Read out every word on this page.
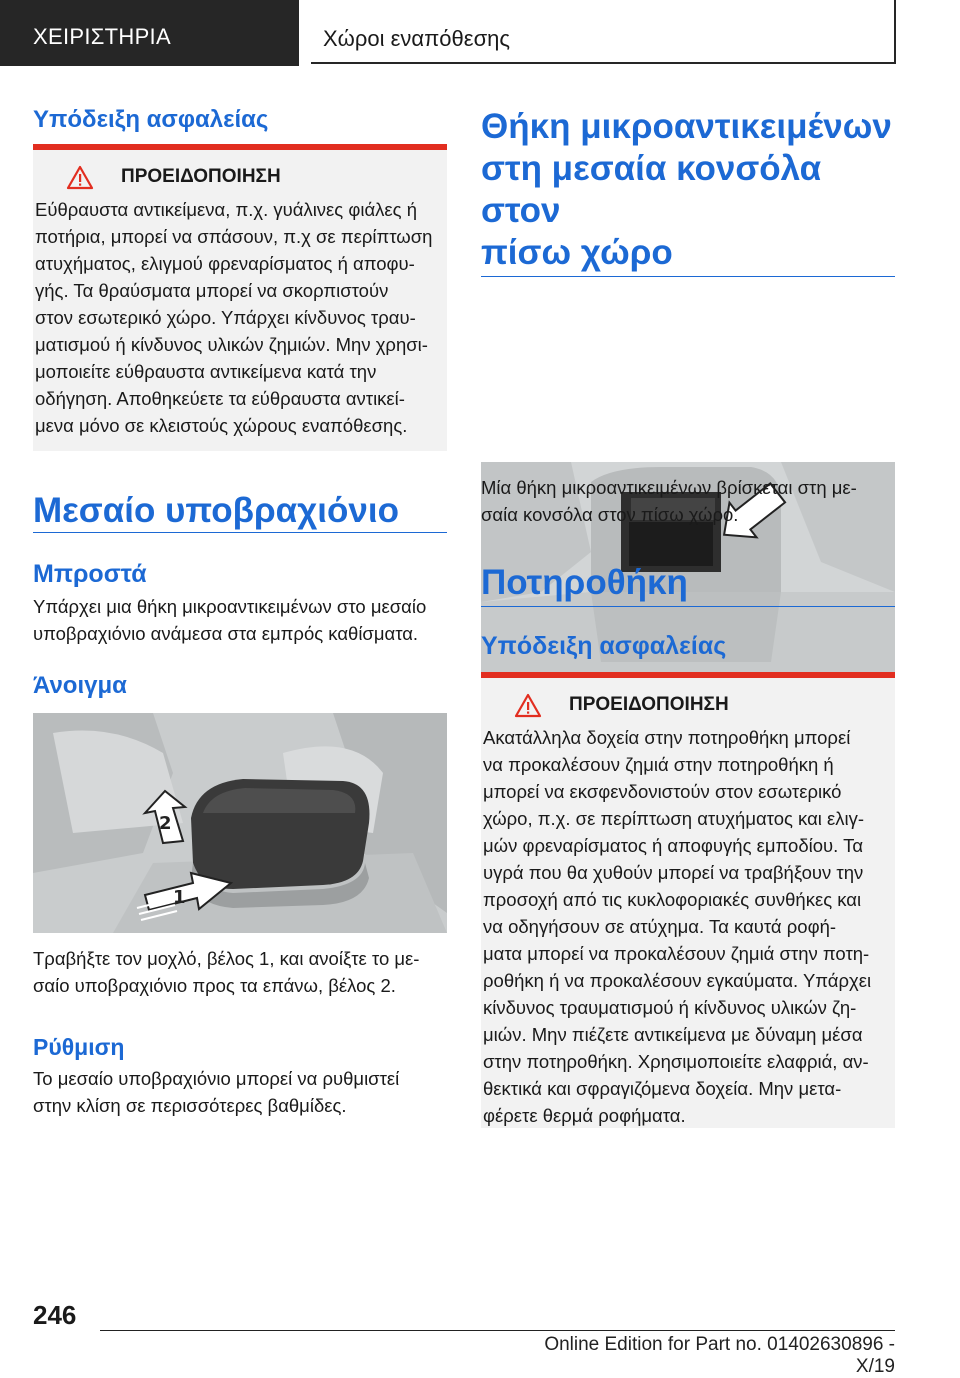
ΧΕΙΡΙΣΤΗΡΙΑ	Χώροι εναπόθεσης
Υπόδειξη ασφαλείας
ΠΡΟΕΙΔΟΠΟΙΗΣΗ
Εύθραυστα αντικείμενα, π.χ. γυάλινες φιάλες ή
ποτήρια, μπορεί να σπάσουν, π.χ σε περίπτωση
ατυχήματος, ελιγμού φρεναρίσματος ή αποφυ-
γής. Τα θραύσματα μπορεί να σκορπιστούν
στον εσωτερικό χώρο. Υπάρχει κίνδυνος τραυ-
ματισμού ή κίνδυνος υλικών ζημιών. Μην χρησι-
μοποιείτε εύθραυστα αντικείμενα κατά την
οδήγηση. Αποθηκεύετε τα εύθραυστα αντικεί-
μενα μόνο σε κλειστούς χώρους εναπόθεσης.
Μεσαίο υποβραχιόνιο
Μπροστά
Υπάρχει μια θήκη μικροαντικειμένων στο μεσαίο
υποβραχιόνιο ανάμεσα στα εμπρός καθίσματα.
Άνοιγμα
2
1
Τραβήξτε τον μοχλό, βέλος 1, και ανοίξτε το με-
σαίο υποβραχιόνιο προς τα επάνω, βέλος 2.
Ρύθμιση
Το μεσαίο υποβραχιόνιο μπορεί να ρυθμιστεί
στην κλίση σε περισσότερες βαθμίδες.
Θήκη μικροαντικειμένων
στη μεσαία κονσόλα στον
πίσω χώρο
Μία θήκη μικροαντικειμένων βρίσκεται στη με-
σαία κονσόλα στον πίσω χώρο.
Ποτηροθήκη
Υπόδειξη ασφαλείας
ΠΡΟΕΙΔΟΠΟΙΗΣΗ
Ακατάλληλα δοχεία στην ποτηροθήκη μπορεί
να προκαλέσουν ζημιά στην ποτηροθήκη ή
μπορεί να εκσφενδονιστούν στον εσωτερικό
χώρο, π.χ. σε περίπτωση ατυχήματος και ελιγ-
μών φρεναρίσματος ή αποφυγής εμποδίου. Τα
υγρά που θα χυθούν μπορεί να τραβήξουν την
προσοχή από τις κυκλοφοριακές συνθήκες και
να οδηγήσουν σε ατύχημα. Τα καυτά ροφή-
ματα μπορεί να προκαλέσουν ζημιά στην ποτη-
ροθήκη ή να προκαλέσουν εγκαύματα. Υπάρχει
κίνδυνος τραυματισμού ή κίνδυνος υλικών ζη-
μιών. Μην πιέζετε αντικείμενα με δύναμη μέσα
στην ποτηροθήκη. Χρησιμοποιείτε ελαφριά, αν-
θεκτικά και σφραγιζόμενα δοχεία. Μην μετα-
φέρετε θερμά ροφήματα.
246
Online Edition for Part no. 01402630896 - X/19
